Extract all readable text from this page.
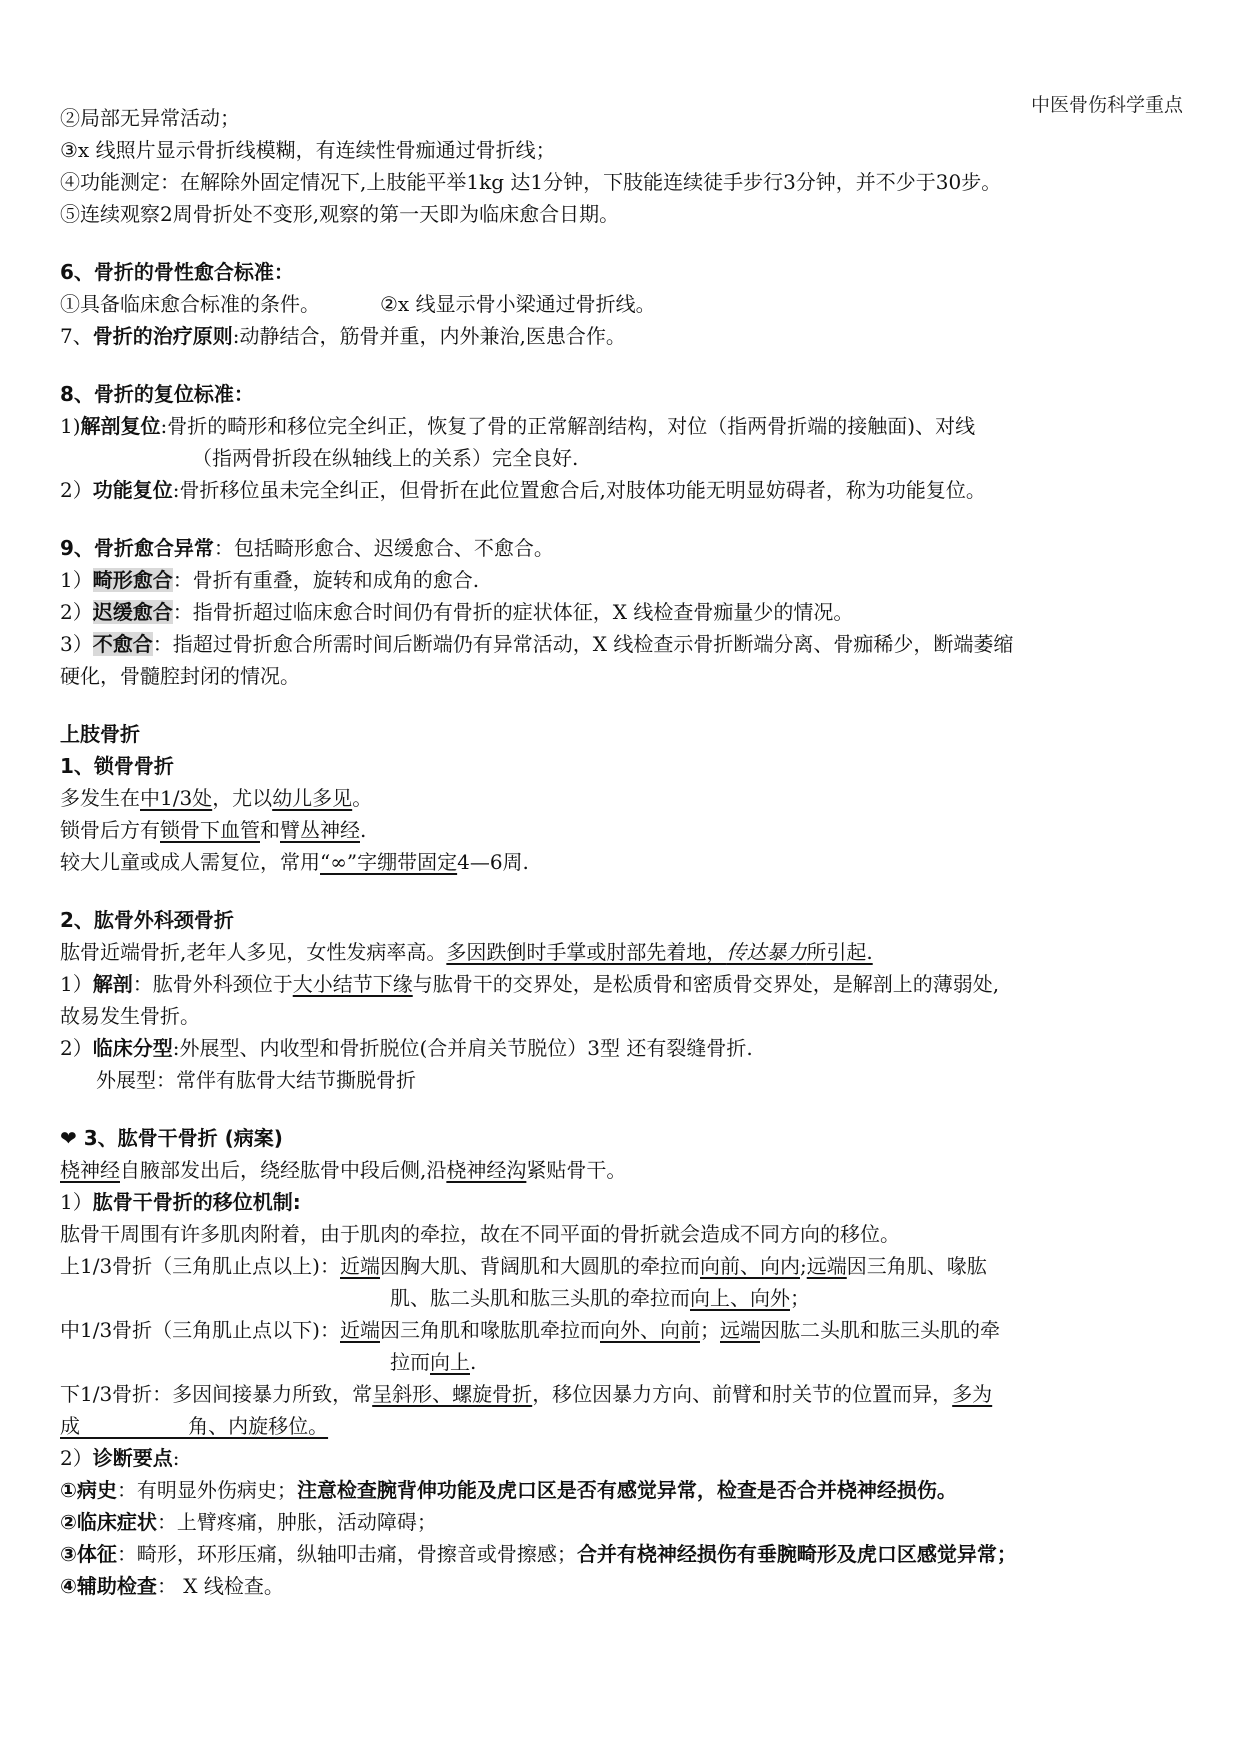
中医骨伤科学重点
②局部无异常活动；
③x 线照片显示骨折线模糊，有连续性骨痂通过骨折线；
④功能测定：在解除外固定情况下,上肢能平举1kg 达1分钟，下肢能连续徒手步行3分钟，并不少于30步。
⑤连续观察2周骨折处不变形,观察的第一天即为临床愈合日期。
6、骨折的骨性愈合标准：
①具备临床愈合标准的条件。	②x 线显示骨小梁通过骨折线。
7、骨折的治疗原则:动静结合，筋骨并重，内外兼治,医患合作。
8、骨折的复位标准：
1)解剖复位:骨折的畸形和移位完全纠正，恢复了骨的正常解剖结构，对位（指两骨折端的接触面)、对线
（指两骨折段在纵轴线上的关系）完全良好.
2）功能复位:骨折移位虽未完全纠正，但骨折在此位置愈合后,对肢体功能无明显妨碍者，称为功能复位。
9、骨折愈合异常：包括畸形愈合、迟缓愈合、不愈合。
1）畸形愈合：骨折有重叠，旋转和成角的愈合.
2）迟缓愈合：指骨折超过临床愈合时间仍有骨折的症状体征，X 线检查骨痂量少的情况。
3）不愈合：指超过骨折愈合所需时间后断端仍有异常活动，X 线检查示骨折断端分离、骨痂稀少，断端萎缩
硬化，骨髓腔封闭的情况。
上肢骨折
1、锁骨骨折
多发生在中1/3处，尤以幼儿多见。
锁骨后方有锁骨下血管和臂丛神经.
较大儿童或成人需复位，常用“∞”字绷带固定4—6周.
2、肱骨外科颈骨折
肱骨近端骨折,老年人多见，女性发病率高。多因跌倒时手掌或肘部先着地，传达暴力所引起.
1）解剖：肱骨外科颈位于大小结节下缘与肱骨干的交界处，是松质骨和密质骨交界处，是解剖上的薄弱处,
故易发生骨折。
2）临床分型:外展型、内收型和骨折脱位(合并肩关节脱位）3型 还有裂缝骨折.
外展型：常伴有肱骨大结节撕脱骨折
❤ 3、肱骨干骨折 (病案)
桡神经自腋部发出后，绕经肱骨中段后侧,沿桡神经沟紧贴骨干。
1）肱骨干骨折的移位机制:
肱骨干周围有许多肌肉附着，由于肌肉的牵拉，故在不同平面的骨折就会造成不同方向的移位。
上1/3骨折（三角肌止点以上)：近端因胸大肌、背阔肌和大圆肌的牵拉而向前、向内;远端因三角肌、喙肱
肌、肱二头肌和肱三头肌的牵拉而向上、向外；
中1/3骨折（三角肌止点以下)：近端因三角肌和喙肱肌牵拉而向外、向前；远端因肱二头肌和肱三头肌的牵
拉而向上.
下1/3骨折：多因间接暴力所致，常呈斜形、螺旋骨折，移位因暴力方向、前臂和肘关节的位置而异，多为
成                 角、内旋移位。
2）诊断要点:
①病史：有明显外伤病史；注意检查腕背伸功能及虎口区是否有感觉异常，检查是否合并桡神经损伤。
②临床症状：上臂疼痛，肿胀，活动障碍；
③体征：畸形，环形压痛，纵轴叩击痛，骨擦音或骨擦感；合并有桡神经损伤有垂腕畸形及虎口区感觉异常；
④辅助检查： X 线检查。
